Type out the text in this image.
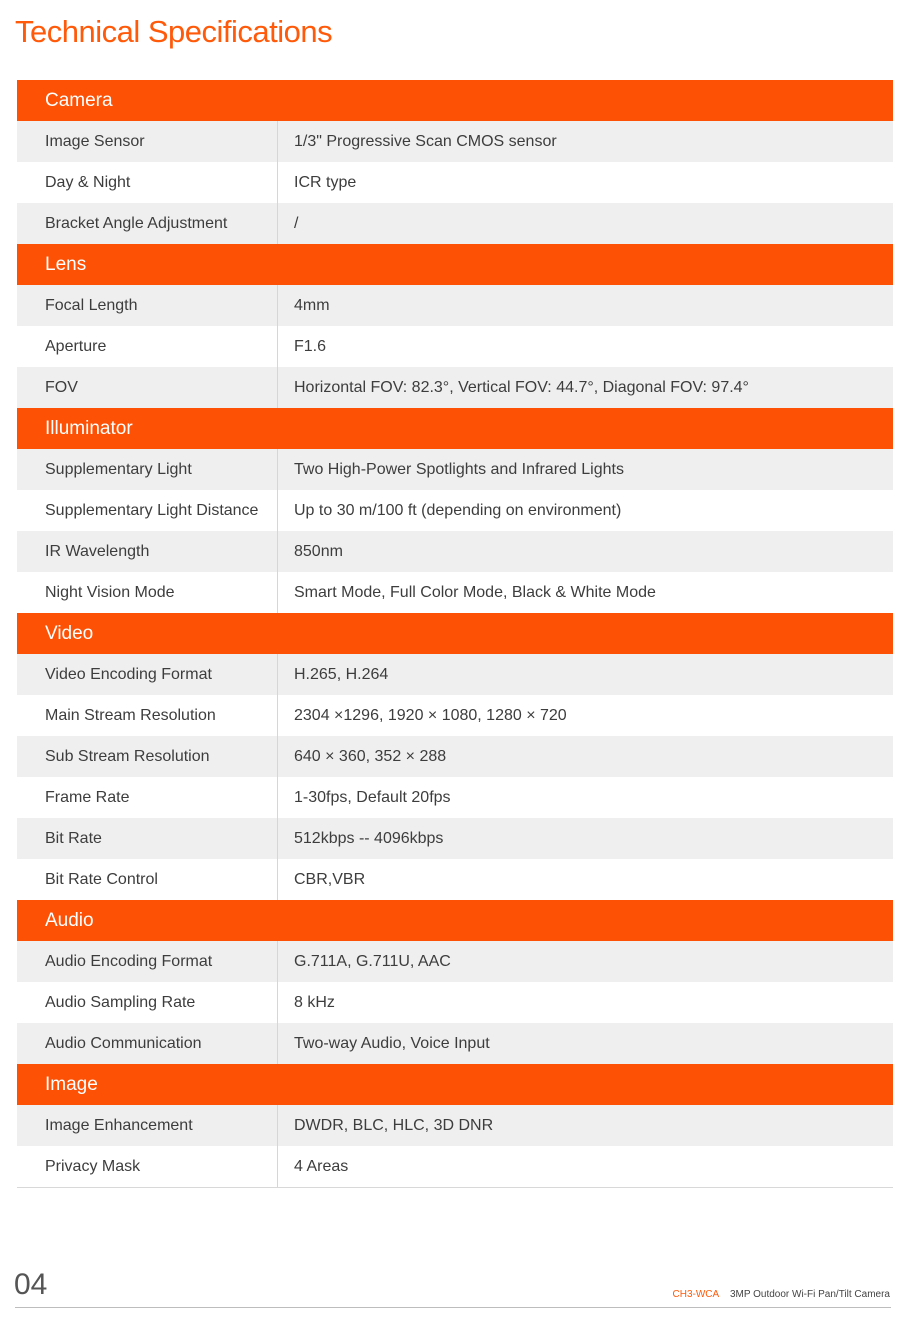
Technical Specifications
Camera
Image Sensor	1/3" Progressive Scan CMOS sensor
Day & Night	ICR type
Bracket Angle Adjustment	/
Lens
Focal Length	4mm
Aperture	F1.6
FOV	Horizontal FOV: 82.3°, Vertical FOV: 44.7°, Diagonal FOV: 97.4°
Illuminator
Supplementary Light	Two High-Power Spotlights and Infrared Lights
Supplementary Light Distance	Up to 30 m/100 ft (depending on environment)
IR Wavelength	850nm
Night Vision Mode	Smart Mode, Full Color Mode, Black & White Mode
Video
Video Encoding Format	H.265, H.264
Main Stream Resolution	2304 ×1296, 1920 × 1080, 1280 × 720
Sub Stream Resolution	640 × 360, 352 × 288
Frame Rate	1-30fps, Default 20fps
Bit Rate	512kbps -- 4096kbps
Bit Rate Control	CBR,VBR
Audio
Audio Encoding Format	G.711A, G.711U, AAC
Audio Sampling Rate	8 kHz
Audio Communication	Two-way Audio, Voice Input
Image
Image Enhancement	DWDR, BLC, HLC, 3D DNR
Privacy Mask	4 Areas
04	CH3-WCA 3MP Outdoor Wi-Fi Pan/Tilt Camera
